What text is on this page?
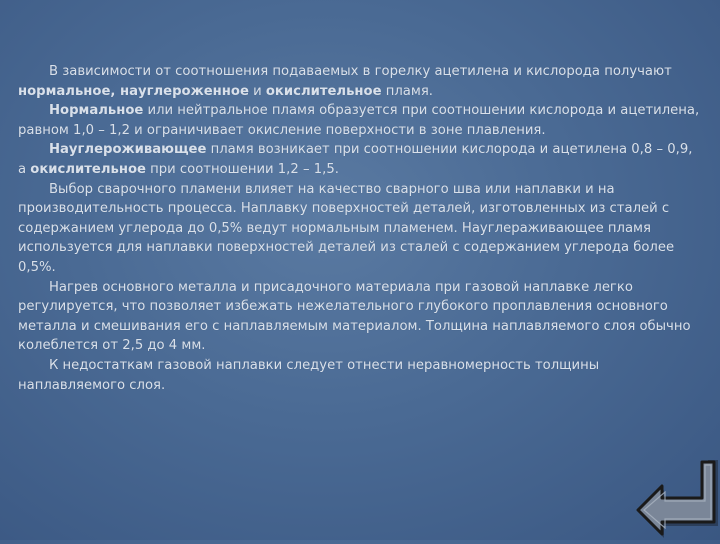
В зависимости от соотношения подаваемых в горелку ацетилена и кислорода получают нормальное, науглероженное и окислительное пламя.

Нормальное или нейтральное пламя образуется при соотношении кислорода и ацетилена, равном 1,0 – 1,2 и ограничивает окисление поверхности в зоне плавления.

Науглероживающее пламя возникает при соотношении кислорода и ацетилена 0,8 – 0,9, а окислительное при соотношении 1,2 – 1,5.

Выбор сварочного пламени влияет на качество сварного шва или наплавки и на производительность процесса. Наплавку поверхностей деталей, изготовленных из сталей с содержанием углерода до 0,5% ведут нормальным пламенем. Науглераживающее пламя используется для наплавки поверхностей деталей из сталей с содержанием углерода более 0,5%.

Нагрев основного металла и присадочного материала при газовой наплавке легко регулируется, что позволяет избежать нежелательного глубокого проплавления основного металла и смешивания его с наплавляемым материалом. Толщина наплавляемого слоя обычно колеблется от 2,5 до 4 мм.

К недостаткам газовой наплавки следует отнести неравномерность толщины наплавляемого слоя.
